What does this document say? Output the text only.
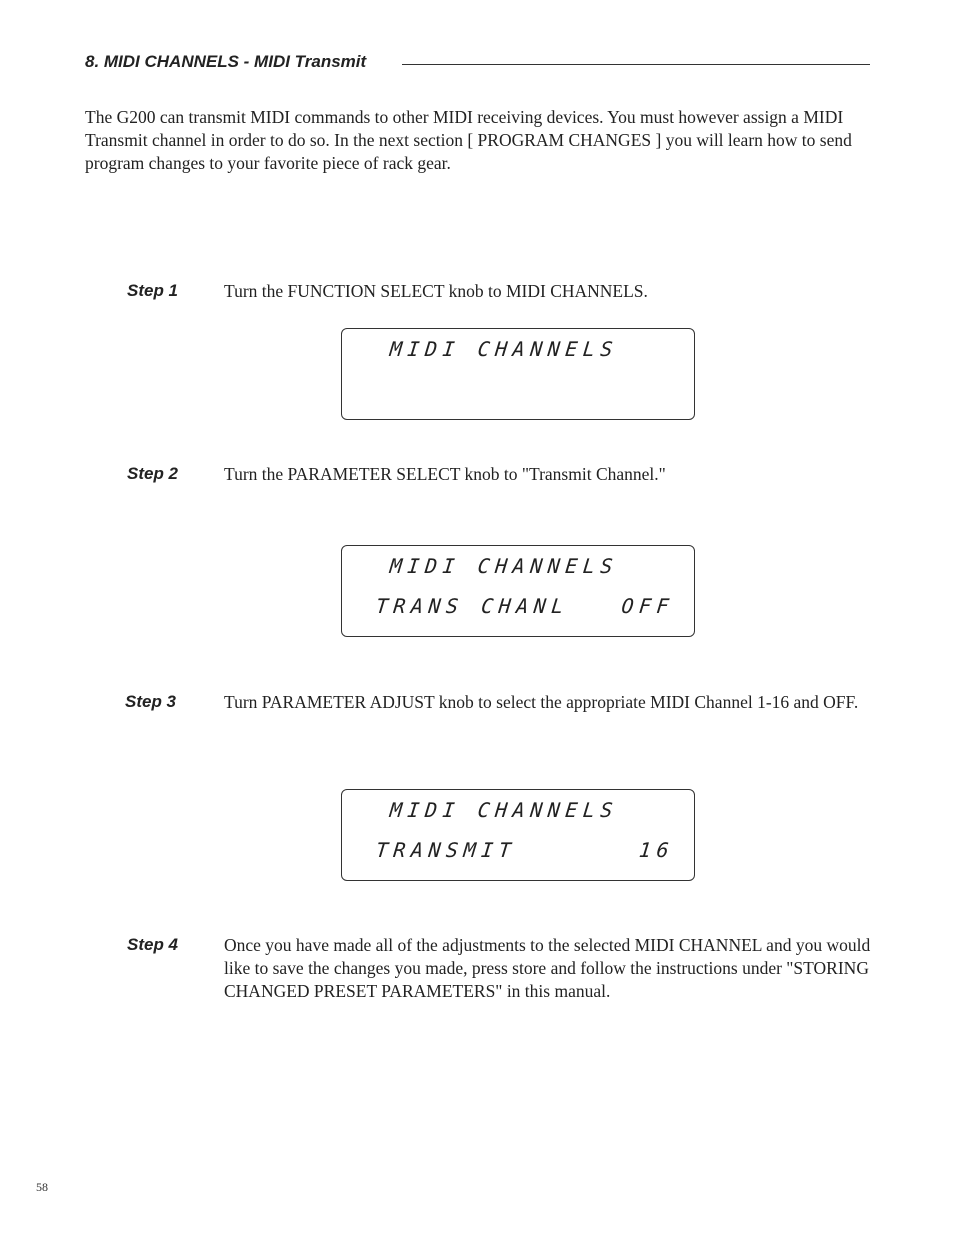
8. MIDI CHANNELS - MIDI Transmit

The G200 can transmit MIDI commands to other MIDI receiving devices. You must however assign a MIDI Transmit channel in order to do so. In the next section [ PROGRAM CHANGES ] you will learn how to send program changes to your favorite piece of rack gear.

Step 1	Turn the FUNCTION SELECT knob to MIDI CHANNELS.

MIDI CHANNELS
Step 2	Turn the PARAMETER SELECT knob to "Transmit Channel."

MIDI CHANNELS
TRANS CHANL   OFF
Step 3	Turn PARAMETER ADJUST knob to select the appropriate MIDI Channel 1-16 and OFF.

MIDI CHANNELS
TRANSMIT       16
Step 4	Once you have made all of the adjustments to the selected MIDI CHANNEL and you would like to save the changes you made, press store and follow the instructions under "STORING CHANGED PRESET PARAMETERS" in this manual.

58
